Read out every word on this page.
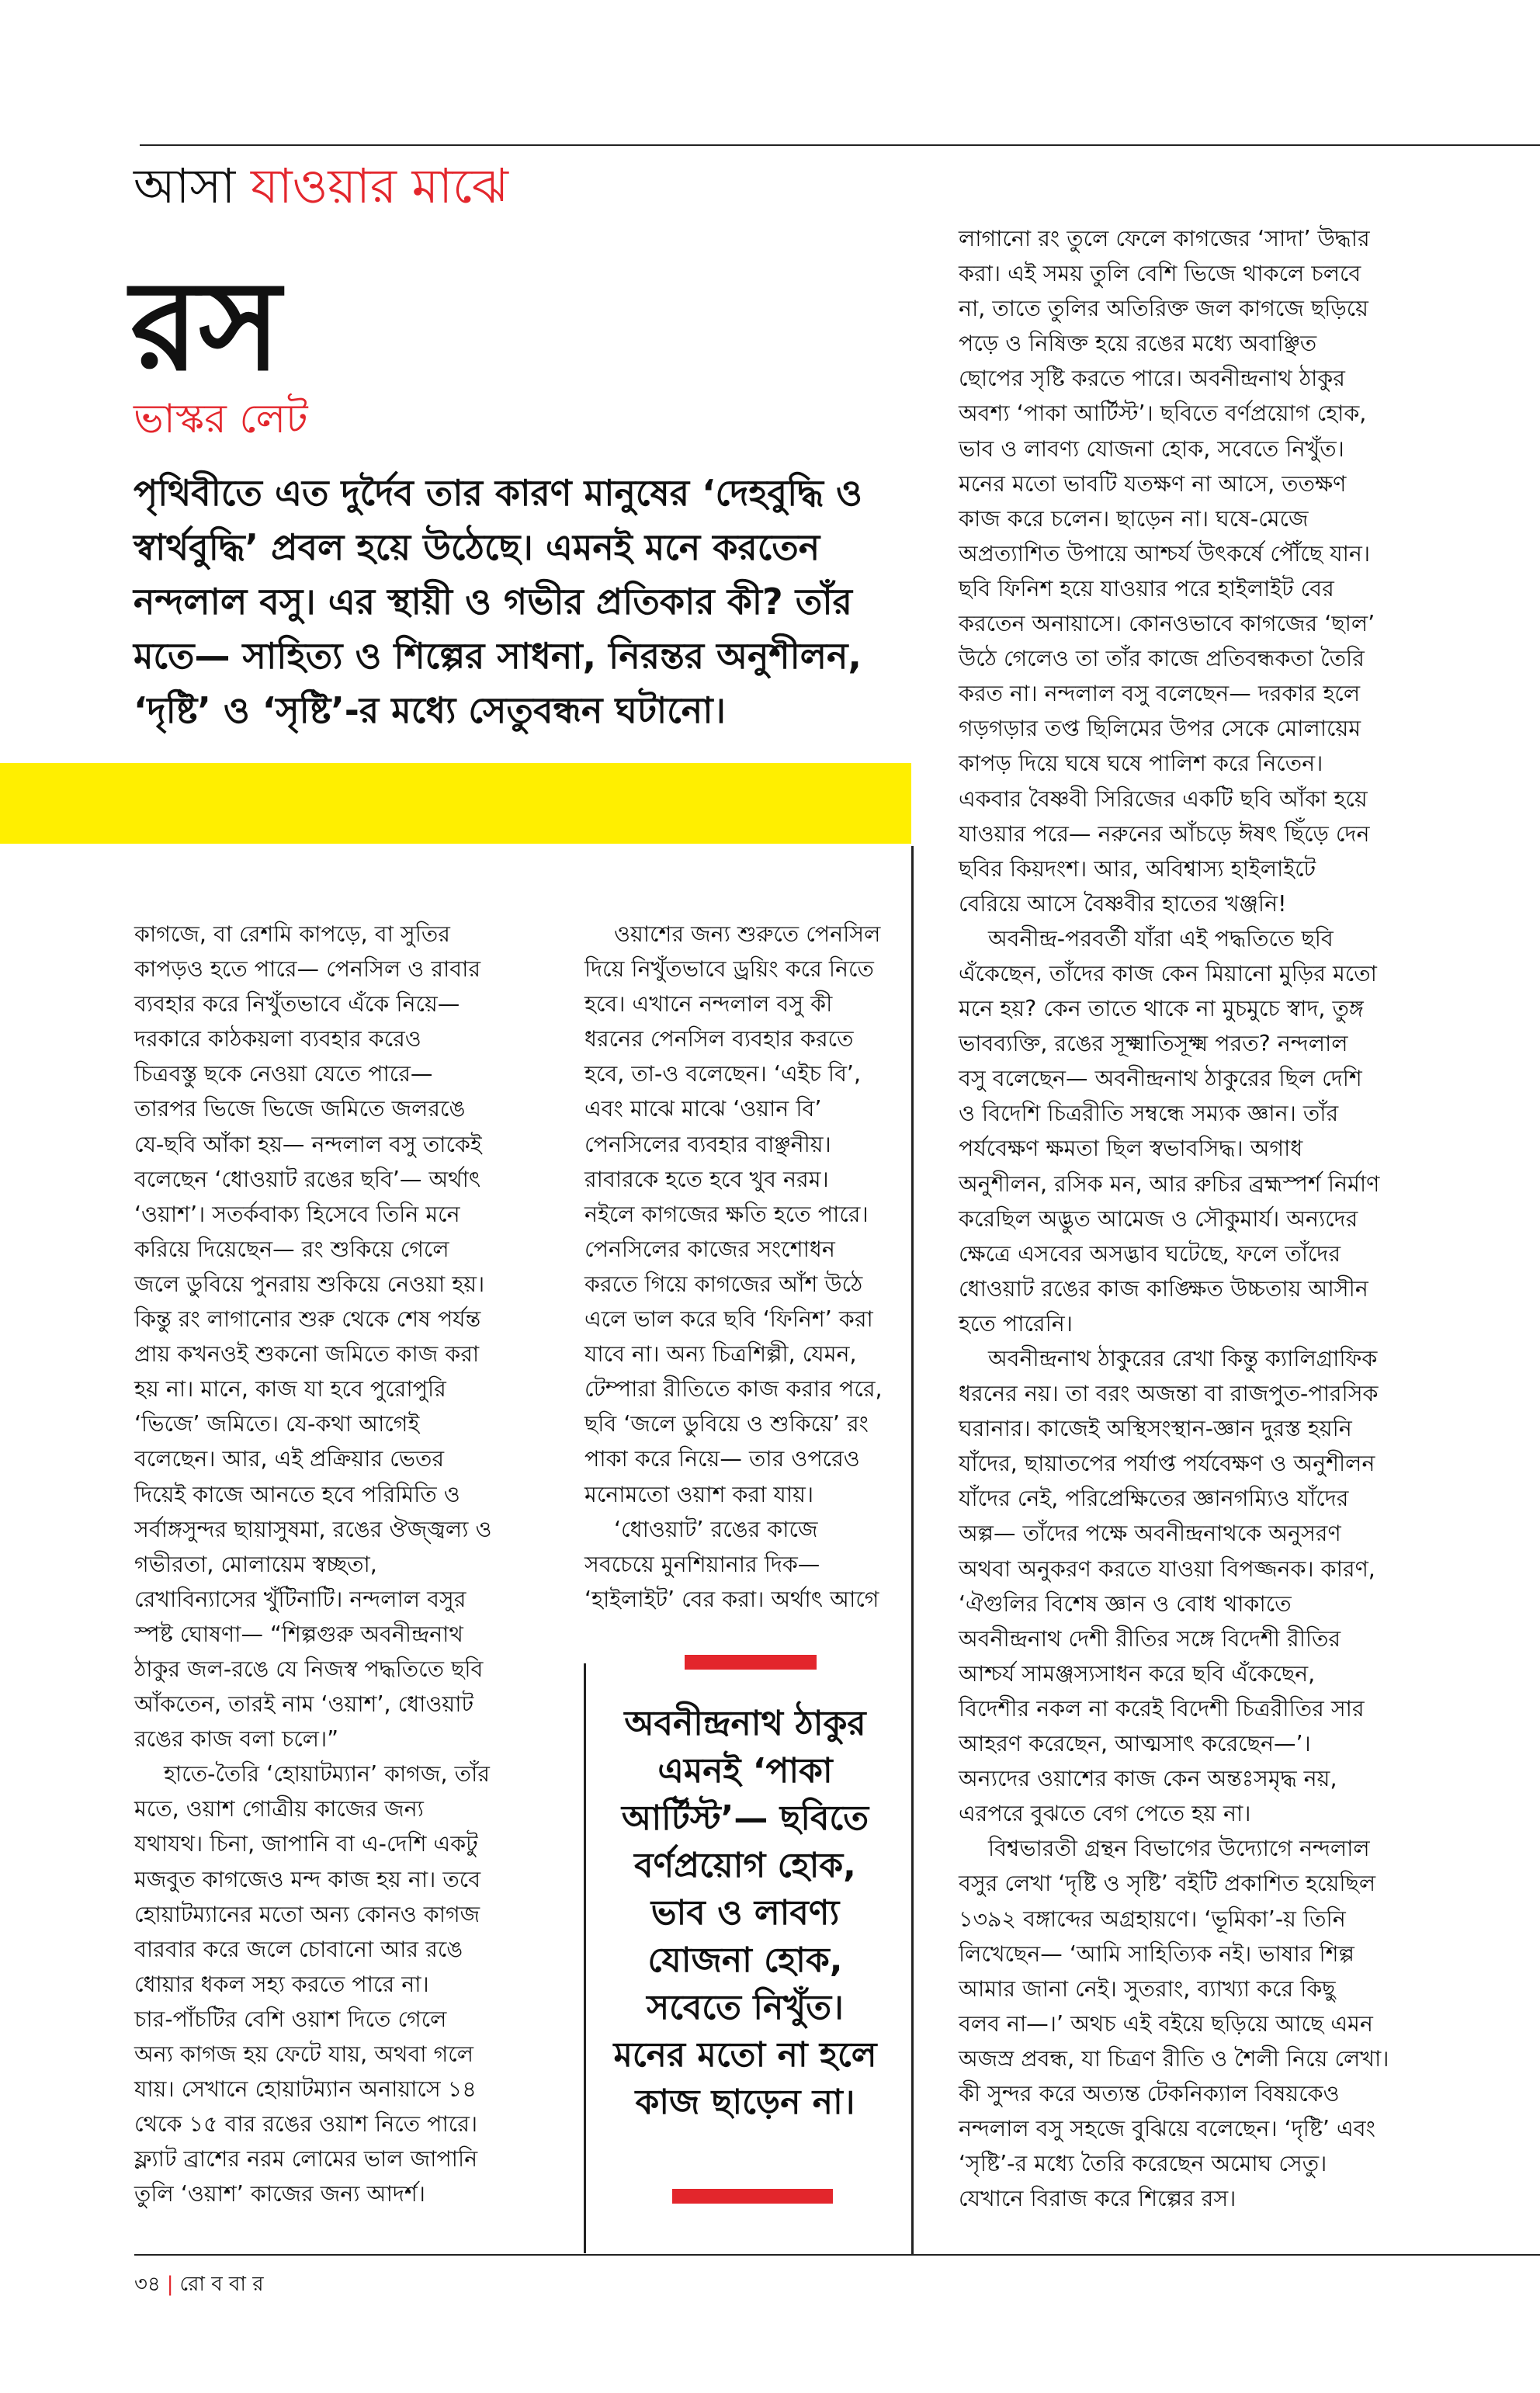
আসা যাওয়ার মাঝে
রস
ভাস্কর লেট
পৃথিবীতে এত দুর্দৈব তার কারণ মানুষের ‘দেহবুদ্ধি ও
স্বার্থবুদ্ধি’ প্রবল হয়ে উঠেছে। এমনই মনে করতেন
নন্দলাল বসু। এর স্থায়ী ও গভীর প্রতিকার কী? তাঁর
মতে— সাহিত্য ও শিল্পের সাধনা, নিরন্তর অনুশীলন,
‘দৃষ্টি’ ও ‘সৃষ্টি’-র মধ্যে সেতুবন্ধন ঘটানো।
কাগজে, বা রেশমি কাপড়ে, বা সুতির
কাপড়ও হতে পারে— পেনসিল ও রাবার
ব্যবহার করে নিখুঁতভাবে এঁকে নিয়ে—
দরকারে কাঠকয়লা ব্যবহার করেও
চিত্রবস্তু ছকে নেওয়া যেতে পারে—
তারপর ভিজে ভিজে জমিতে জলরঙে
যে-ছবি আঁকা হয়— নন্দলাল বসু তাকেই
বলেছেন ‘ধোওয়াট রঙের ছবি’— অর্থাৎ
‘ওয়াশ’। সতর্কবাক্য হিসেবে তিনি মনে
করিয়ে দিয়েছেন— রং শুকিয়ে গেলে
জলে ডুবিয়ে পুনরায় শুকিয়ে নেওয়া হয়।
কিন্তু রং লাগানোর শুরু থেকে শেষ পর্যন্ত
প্রায় কখনওই শুকনো জমিতে কাজ করা
হয় না। মানে, কাজ যা হবে পুরোপুরি
‘ভিজে’ জমিতে। যে-কথা আগেই
বলেছেন। আর, এই প্রক্রিয়ার ভেতর
দিয়েই কাজে আনতে হবে পরিমিতি ও
সর্বাঙ্গসুন্দর ছায়াসুষমা, রঙের ঔজ্জ্বল্য ও
গভীরতা, মোলায়েম স্বচ্ছতা,
রেখাবিন্যাসের খুঁটিনাটি। নন্দলাল বসুর
স্পষ্ট ঘোষণা— “শিল্পগুরু অবনীন্দ্রনাথ
ঠাকুর জল-রঙে যে নিজস্ব পদ্ধতিতে ছবি
আঁকতেন, তারই নাম ‘ওয়াশ’, ধোওয়াট
রঙের কাজ বলা চলে।”
হাতে-তৈরি ‘হোয়াটম্যান’ কাগজ, তাঁর
মতে, ওয়াশ গোত্রীয় কাজের জন্য
যথাযথ। চিনা, জাপানি বা এ-দেশি একটু
মজবুত কাগজেও মন্দ কাজ হয় না। তবে
হোয়াটম্যানের মতো অন্য কোনও কাগজ
বারবার করে জলে চোবানো আর রঙে
ধোয়ার ধকল সহ্য করতে পারে না।
চার-পাঁচটির বেশি ওয়াশ দিতে গেলে
অন্য কাগজ হয় ফেটে যায়, অথবা গলে
যায়। সেখানে হোয়াটম্যান অনায়াসে ১৪
থেকে ১৫ বার রঙের ওয়াশ নিতে পারে।
ফ্ল্যাট ব্রাশের নরম লোমের ভাল জাপানি
তুলি ‘ওয়াশ’ কাজের জন্য আদর্শ।
ওয়াশের জন্য শুরুতে পেনসিল
দিয়ে নিখুঁতভাবে ড্রয়িং করে নিতে
হবে। এখানে নন্দলাল বসু কী
ধরনের পেনসিল ব্যবহার করতে
হবে, তা-ও বলেছেন। ‘এইচ বি’,
এবং মাঝে মাঝে ‘ওয়ান বি’
পেনসিলের ব্যবহার বাঞ্ছনীয়।
রাবারকে হতে হবে খুব নরম।
নইলে কাগজের ক্ষতি হতে পারে।
পেনসিলের কাজের সংশোধন
করতে গিয়ে কাগজের আঁশ উঠে
এলে ভাল করে ছবি ‘ফিনিশ’ করা
যাবে না। অন্য চিত্রশিল্পী, যেমন,
টেম্পারা রীতিতে কাজ করার পরে,
ছবি ‘জলে ডুবিয়ে ও শুকিয়ে’ রং
পাকা করে নিয়ে— তার ওপরেও
মনোমতো ওয়াশ করা যায়।
‘ধোওয়াট’ রঙের কাজে
সবচেয়ে মুনশিয়ানার দিক—
‘হাইলাইট’ বের করা। অর্থাৎ আগে
লাগানো রং তুলে ফেলে কাগজের ‘সাদা’ উদ্ধার
করা। এই সময় তুলি বেশি ভিজে থাকলে চলবে
না, তাতে তুলির অতিরিক্ত জল কাগজে ছড়িয়ে
পড়ে ও নিষিক্ত হয়ে রঙের মধ্যে অবাঞ্ছিত
ছোপের সৃষ্টি করতে পারে। অবনীন্দ্রনাথ ঠাকুর
অবশ্য ‘পাকা আর্টিস্ট’। ছবিতে বর্ণপ্রয়োগ হোক,
ভাব ও লাবণ্য যোজনা হোক, সবেতে নিখুঁত।
মনের মতো ভাবটি যতক্ষণ না আসে, ততক্ষণ
কাজ করে চলেন। ছাড়েন না। ঘষে-মেজে
অপ্রত্যাশিত উপায়ে আশ্চর্য উৎকর্ষে পৌঁছে যান।
ছবি ফিনিশ হয়ে যাওয়ার পরে হাইলাইট বের
করতেন অনায়াসে। কোনওভাবে কাগজের ‘ছাল’
উঠে গেলেও তা তাঁর কাজে প্রতিবন্ধকতা তৈরি
করত না। নন্দলাল বসু বলেছেন— দরকার হলে
গড়গড়ার তপ্ত ছিলিমের উপর সেকে মোলায়েম
কাপড় দিয়ে ঘষে ঘষে পালিশ করে নিতেন।
একবার বৈষ্ণবী সিরিজের একটি ছবি আঁকা হয়ে
যাওয়ার পরে— নরুনের আঁচড়ে ঈষৎ ছিঁড়ে দেন
ছবির কিয়দংশ। আর, অবিশ্বাস্য হাইলাইটে
বেরিয়ে আসে বৈষ্ণবীর হাতের খঞ্জনি!
অবনীন্দ্র-পরবর্তী যাঁরা এই পদ্ধতিতে ছবি
এঁকেছেন, তাঁদের কাজ কেন মিয়ানো মুড়ির মতো
মনে হয়? কেন তাতে থাকে না মুচমুচে স্বাদ, তুঙ্গ
ভাবব্যক্তি, রঙের সূক্ষ্মাতিসূক্ষ্ম পরত? নন্দলাল
বসু বলেছেন— অবনীন্দ্রনাথ ঠাকুরের ছিল দেশি
ও বিদেশি চিত্ররীতি সম্বন্ধে সম্যক জ্ঞান। তাঁর
পর্যবেক্ষণ ক্ষমতা ছিল স্বভাবসিদ্ধ। অগাধ
অনুশীলন, রসিক মন, আর রুচির ব্রহ্মস্পর্শ নির্মাণ
করেছিল অদ্ভুত আমেজ ও সৌকুমার্য। অন্যদের
ক্ষেত্রে এসবের অসদ্ভাব ঘটেছে, ফলে তাঁদের
ধোওয়াট রঙের কাজ কাঙ্ক্ষিত উচ্চতায় আসীন
হতে পারেনি।
অবনীন্দ্রনাথ ঠাকুরের রেখা কিন্তু ক্যালিগ্রাফিক
ধরনের নয়। তা বরং অজন্তা বা রাজপুত-পারসিক
ঘরানার। কাজেই অস্থিসংস্থান-জ্ঞান দুরস্ত হয়নি
যাঁদের, ছায়াতপের পর্যাপ্ত পর্যবেক্ষণ ও অনুশীলন
যাঁদের নেই, পরিপ্রেক্ষিতের জ্ঞানগম্যিও যাঁদের
অল্প— তাঁদের পক্ষে অবনীন্দ্রনাথকে অনুসরণ
অথবা অনুকরণ করতে যাওয়া বিপজ্জনক। কারণ,
‘ঐগুলির বিশেষ জ্ঞান ও বোধ থাকাতে
অবনীন্দ্রনাথ দেশী রীতির সঙ্গে বিদেশী রীতির
আশ্চর্য সামঞ্জস্যসাধন করে ছবি এঁকেছেন,
বিদেশীর নকল না করেই বিদেশী চিত্ররীতির সার
আহরণ করেছেন, আত্মসাৎ করেছেন—’।
অন্যদের ওয়াশের কাজ কেন অন্তঃসমৃদ্ধ নয়,
এরপরে বুঝতে বেগ পেতে হয় না।
বিশ্বভারতী গ্রন্থন বিভাগের উদ্যোগে নন্দলাল
বসুর লেখা ‘দৃষ্টি ও সৃষ্টি’ বইটি প্রকাশিত হয়েছিল
১৩৯২ বঙ্গাব্দের অগ্রহায়ণে। ‘ভূমিকা’-য় তিনি
লিখেছেন— ‘আমি সাহিত্যিক নই। ভাষার শিল্প
আমার জানা নেই। সুতরাং, ব্যাখ্যা করে কিছু
বলব না—।’ অথচ এই বইয়ে ছড়িয়ে আছে এমন
অজস্র প্রবন্ধ, যা চিত্রণ রীতি ও শৈলী নিয়ে লেখা।
কী সুন্দর করে অত্যন্ত টেকনিক্যাল বিষয়কেও
নন্দলাল বসু সহজে বুঝিয়ে বলেছেন। ‘দৃষ্টি’ এবং
‘সৃষ্টি’-র মধ্যে তৈরি করেছেন অমোঘ সেতু।
যেখানে বিরাজ করে শিল্পের রস।
অবনীন্দ্রনাথ ঠাকুর
এমনই ‘পাকা
আর্টিস্ট’— ছবিতে
বর্ণপ্রয়োগ হোক,
ভাব ও লাবণ্য
যোজনা হোক,
সবেতে নিখুঁত।
মনের মতো না হলে
কাজ ছাড়েন না।
৩৪ | রো ব বা র
